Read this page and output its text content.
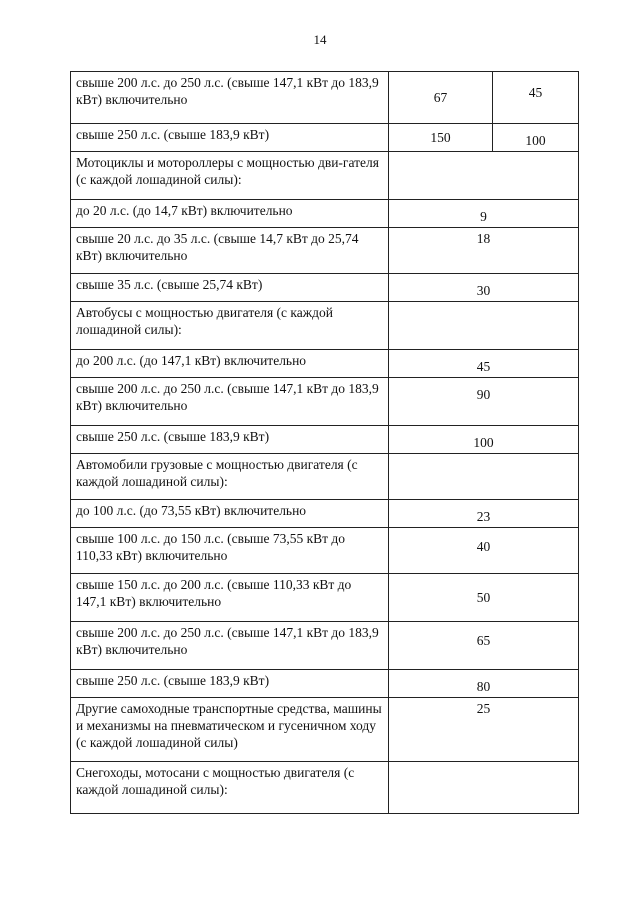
14
свыше 200 л.с. до 250 л.с. (свыше 147,1 кВт до 183,9 кВт) включительно	67	45
свыше 250 л.с. (свыше 183,9 кВт)	150	100
Мотоциклы и мотороллеры с мощностью дви-гателя (с каждой лошадиной силы):		
до 20 л.с. (до 14,7 кВт) включительно	9	
свыше 20 л.с. до 35 л.с. (свыше 14,7 кВт до 25,74 кВт) включительно	18	
свыше 35 л.с. (свыше 25,74 кВт)	30	
Автобусы с мощностью двигателя (с каждой лошадиной силы):		
до 200 л.с. (до 147,1 кВт) включительно	45	
свыше 200 л.с. до 250 л.с. (свыше 147,1 кВт до 183,9 кВт) включительно	90	
свыше 250 л.с. (свыше 183,9 кВт)	100	
Автомобили грузовые с мощностью двигателя (с каждой лошадиной силы):		
до 100 л.с. (до 73,55 кВт) включительно	23	
свыше 100 л.с. до 150 л.с. (свыше 73,55 кВт до 110,33 кВт) включительно	40	
свыше 150 л.с. до 200 л.с. (свыше 110,33 кВт до 147,1 кВт) включительно	50	
свыше 200 л.с. до 250 л.с. (свыше 147,1 кВт до 183,9 кВт) включительно	65	
свыше 250 л.с. (свыше 183,9 кВт)	80	
Другие самоходные транспортные средства, машины и механизмы на пневматическом и гусеничном ходу (с каждой лошадиной силы)	25	
Снегоходы, мотосани с мощностью двигателя (с каждой лошадиной силы):		
